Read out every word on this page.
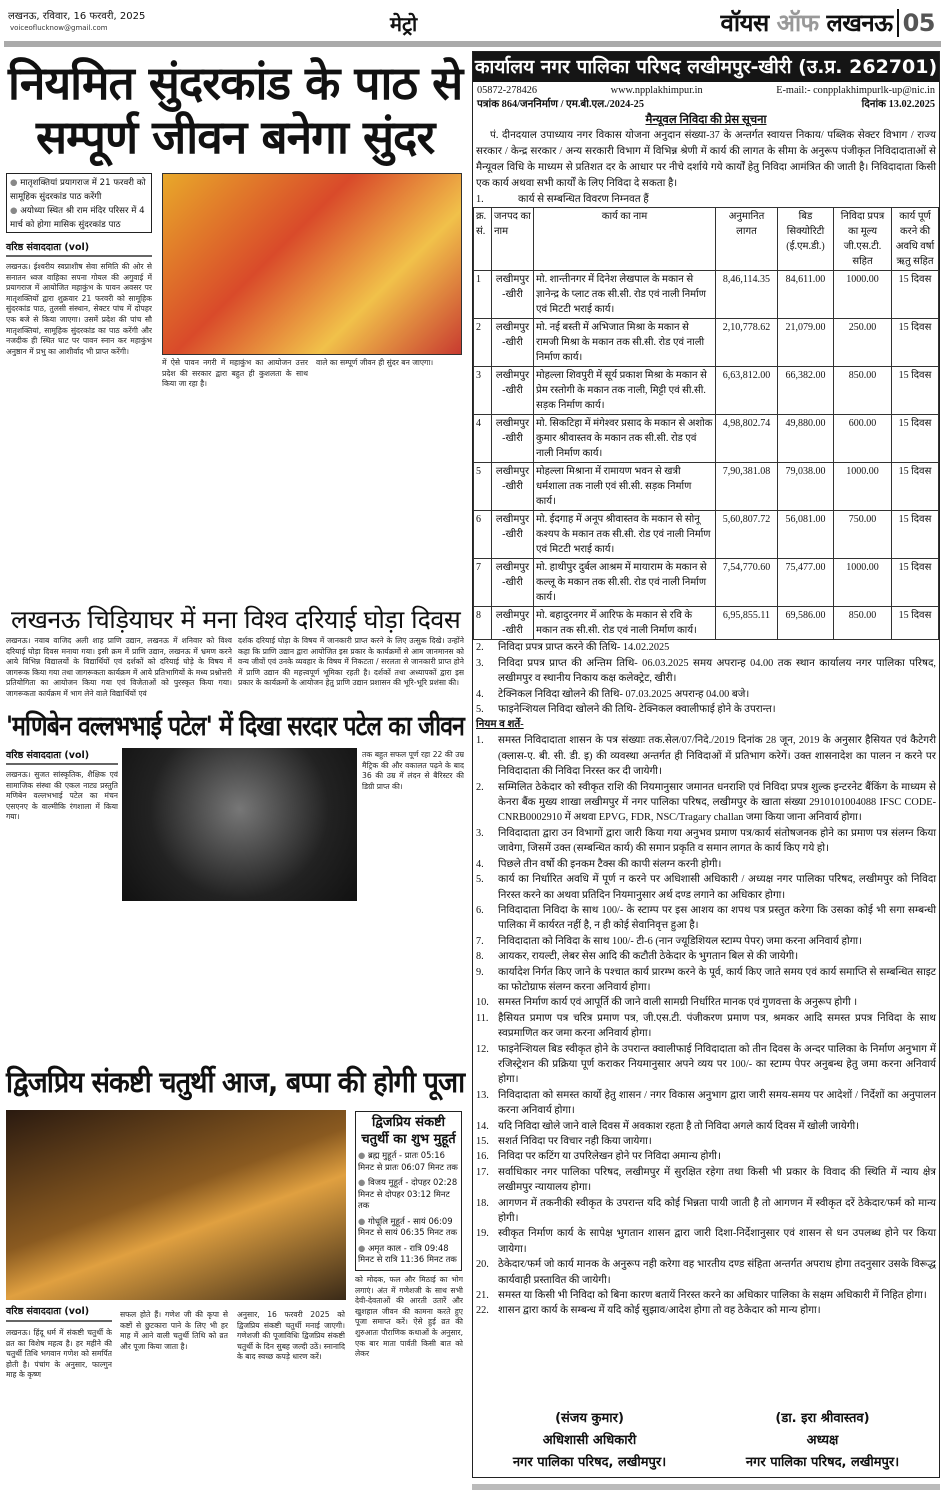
लखनऊ, रविवार, 16 फरवरी, 2025
voiceoflucknow@gmail.com	मेट्रो	वॉयस ऑफ लखनऊ 05
नियमित सुंदरकांड के पाठ से
सम्पूर्ण जीवन बनेगा सुंदर
● मातृशक्तियां प्रयागराज में 21 फरवरी को सामूहिक सुंदरकांड पाठ करेंगी
● अयोध्या स्थित श्री राम मंदिर परिसर में 4 मार्च को होगा मासिक सुंदरकांड पाठ
वरिष्ठ संवाददाता (vol)
लखनऊ। ईश्वरीय स्वप्नाशीष सेवा समिति की ओर से सनातन ध्वज वाहिका सपना गोयल की अगुवाई में प्रयागराज में आयोजित महाकुंभ के पावन अवसर पर मातृशक्तियों द्वारा शुक्रवार 21 फरवरी को सामूहिक सुंदरकांड पाठ, तुलसी संस्थान, सेक्टर पांच में दोपहर एक बजे से किया जाएगा। उसमें प्रदेश की पांच सौ मातृशक्तियां, सामूहिक सुंदरकांड का पाठ करेंगी और नजदीक ही स्थित घाट पर पावन स्नान कर महाकुंभ अनुष्ठान में प्रभु का आशीर्वाद भी प्राप्त करेंगी।
में ऐसे पावन नगरी में महाकुंभ का आयोजन उत्तर प्रदेश की सरकार द्वारा बहुत ही कुशलता के साथ किया जा रहा है।
वाले का सम्पूर्ण जीवन ही सुंदर बन जाएगा।
लखनऊ चिड़ियाघर में मना विश्व दरियाई घोड़ा दिवस
लखनऊ। नवाब वाजिद अली शाह प्राणि उद्यान, लखनऊ में शनिवार को विश्व दरियाई घोड़ा दिवस मनाया गया। इसी क्रम में प्राणि उद्यान, लखनऊ में भ्रमण करने आये विभिन्न विद्यालयों के विद्यार्थियों एवं दर्शकों को दरियाई घोड़े के विषय में जागरूक किया गया तथा जागरूकता कार्यक्रम में आये प्रतिभागियों के मध्य प्रश्नोत्तरी प्रतियोगिता का आयोजन किया गया एवं विजेताओं को पुरस्कृत किया गया। जागरूकता कार्यक्रम में भाग लेने वाले विद्यार्थियों एवं
दर्शक दरियाई घोड़ा के विषय में जानकारी प्राप्त करने के लिए उत्सुक दिखे। उन्होंने कहा कि प्राणि उद्यान द्वारा आयोजित इस प्रकार के कार्यक्रमों से आम जानमानस को वन्य जीवों एवं उनके व्यवहार के विषय में निकटता / सरलता से जानकारी प्राप्त होने में प्राणि उद्यान की महत्त्वपूर्ण भूमिका रहती है। दर्शकों तथा अध्यापकों द्वारा इस प्रकार के कार्यक्रमों के आयोजन हेतु प्राणि उद्यान प्रशासन की भूरि-भूरि प्रशंसा की।
'मणिबेन वल्लभभाई पटेल' में दिखा सरदार पटेल का जीवन
वरिष्ठ संवाददाता (vol)
लखनऊ। सुजत सांस्कृतिक, शैक्षिक एवं सामाजिक संस्था की एकल नाट्य प्रस्तुति मणिबेन वल्लभभाई पटेल का मंचन एसएनए के वाल्मीकि रंगशाला में किया गया।
तक बहुत सफल पूर्ण रहा 22 की उम्र मैट्रिक की और वकालत पढ़ने के बाद 36 की उम्र में लंदन से बैरिस्टर की डिग्री प्राप्त की।
द्विजप्रिय संकष्टी चतुर्थी आज, बप्पा की होगी पूजा
द्विजप्रिय संकष्टी चतुर्थी का शुभ मुहूर्त
● ब्रह्म मुहूर्त - प्रातः 05:16 मिनट से प्रातः 06:07 मिनट तक
● विजय मुहूर्त - दोपहर 02:28 मिनट से दोपहर 03:12 मिनट तक
● गोधूलि मुहूर्त - सायं 06:09 मिनट से सायं 06:35 मिनट तक
● अमृत काल - रात्रि 09:48 मिनट से रात्रि 11:36 मिनट तक
वरिष्ठ संवाददाता (vol)
लखनऊ। हिंदू धर्म में संकष्टी चतुर्थी के व्रत का विशेष महत्व है। हर महीने की चतुर्थी तिथि भगवान गणेश को समर्पित होती है। पंचांग के अनुसार, फाल्गुन माह के कृष्ण
सफल होते हैं। गणेश जी की कृपा से कष्टों से छुटकारा पाने के लिए भी हर माह में आने वाली चतुर्थी तिथि को व्रत और पूजा किया जाता है।
अनुसार, 16 फरवरी 2025 को द्विजप्रिय संकष्टी चतुर्थी मनाई जाएगी। गणेशजी की पूजाविधिः द्विजप्रिय संकष्टी चतुर्थी के दिन सुबह जल्दी उठें। स्नानादि के बाद स्वच्छ कपड़े धारण करें।
को मोदक, फल और मिठाई का भोग लगाएं। अंत में गणेशजी के साथ सभी देवी-देवताओं की आरती उतारें और खुशहाल जीवन की कामना करते हुए पूजा समाप्त करें। ऐसे हुई व्रत की शुरुआतः पौराणिक कथाओं के अनुसार, एक बार माता पार्वती किसी बात को लेकर
कार्यालय नगर पालिका परिषद लखीमपुर-खीरी (उ.प्र. 262701)
05872-278426	www.npplakhimpur.in	E-mail:- conpplakhimpurlk-up@nic.in
पत्रांक 864/जननिर्माण / एम.बी.एल./2024-25	दिनांक 13.02.2025
मैन्यूवल निविदा की प्रेस सूचना
पं. दीनदयाल उपाध्याय नगर विकास योजना अनुदान संख्या-37 के अन्तर्गत स्वायत्त निकाय/ पब्लिक सेक्टर विभाग / राज्य सरकार / केन्द्र सरकार / अन्य सरकारी विभाग में विभिन्न श्रेणी में कार्य की लागत के सीमा के अनुरूप पंजीकृत निविदादाताओं से मैन्यूवल विधि के माध्यम से प्रतिशत दर के आधार पर नीचे दर्शाये गये कार्यों हेतु निविदा आमंत्रित की जाती है। निविदादाता किसी एक कार्य अथवा सभी कार्यों के लिए निविदा दे सकता है।
1.	कार्य से सम्बन्धित विवरण निम्नवत हैं
क्र. सं.	जनपद का नाम	कार्य का नाम	अनुमानित लागत	बिड सिक्योरिटी (ई.एम.डी.)	निविदा प्रपत्र का मूल्य जी.एस.टी. सहित	कार्य पूर्ण करने की अवधि वर्षा ऋतु सहित
1	लखीमपुर -खीरी	मो. शान्तीनगर में दिनेश लेखपाल के मकान से ज्ञानेन्द्र के प्लाट तक सी.सी. रोड एवं नाली निर्माण एवं मिटटी भराई कार्य।	8,46,114.35	84,611.00	1000.00	15 दिवस
2	लखीमपुर -खीरी	मो. नई बस्ती में अभिजात मिश्रा के मकान से रामजी मिश्रा के मकान तक सी.सी. रोड एवं नाली निर्माण कार्य।	2,10,778.62	21,079.00	250.00	15 दिवस
3	लखीमपुर -खीरी	मोहल्ला शिवपुरी में सूर्य प्रकाश मिश्रा के मकान से प्रेम रस्तोगी के मकान तक नाली, मिट्टी एवं सी.सी. सड़क निर्माण कार्य।	6,63,812.00	66,382.00	850.00	15 दिवस
4	लखीमपुर -खीरी	मो. सिकटिहा में मंगेश्वर प्रसाद के मकान से अशोक कुमार श्रीवास्तव के मकान तक सी.सी. रोड एवं नाली निर्माण कार्य।	4,98,802.74	49,880.00	600.00	15 दिवस
5	लखीमपुर -खीरी	मोहल्ला मिश्राना में रामायण भवन से खत्री धर्मशाला तक नाली एवं सी.सी. सड़क निर्माण कार्य।	7,90,381.08	79,038.00	1000.00	15 दिवस
6	लखीमपुर -खीरी	मो. ईदगाह में अनूप श्रीवास्तव के मकान से सोनू कश्यप के मकान तक सी.सी. रोड एवं नाली निर्माण एवं मिटटी भराई कार्य।	5,60,807.72	56,081.00	750.00	15 दिवस
7	लखीमपुर -खीरी	मो. हाथीपुर दुर्बल आश्रम में मायाराम के मकान से कल्लू के मकान तक सी.सी. रोड एवं नाली निर्माण कार्य।	7,54,770.60	75,477.00	1000.00	15 दिवस
8	लखीमपुर -खीरी	मो. बहादुरनगर में आरिफ के मकान से रवि के मकान तक सी.सी. रोड एवं नाली निर्माण कार्य।	6,95,855.11	69,586.00	850.00	15 दिवस
2.	निविदा प्रपत्र प्राप्त करने की तिथि- 14.02.2025
3.	निविदा प्रपत्र प्राप्त की अन्तिम तिथि- 06.03.2025 समय अपरान्ह 04.00 तक स्थान कार्यालय नगर पालिका परिषद, लखीमपुर व स्थानीय निकाय कक्ष कलेक्ट्रेट, खीरी।
4.	टेक्निकल निविदा खोलने की तिथि- 07.03.2025 अपरान्ह 04.00 बजे।
5.	फाइनेन्शियल निविदा खोलने की तिथि- टेक्निकल क्वालीफाई होने के उपरान्त।
नियम व शर्ते-
1.	समस्त निविदादाता शासन के पत्र संख्याः तक.सेल/07/निदे./2019 दिनांक 28 जून, 2019 के अनुसार हैसियत एवं कैटेगरी (क्लास-ए. बी. सी. डी. इ) की व्यवस्था अन्तर्गत ही निविदाओं में प्रतिभाग करेगें। उक्त शासनादेश का पालन न करने पर निविदादाता की निविदा निरस्त कर दी जायेगी।
2.	सम्मिलित ठेकेदार को स्वीकृत राशि की नियमानुसार जमानत धनराशि एवं निविदा प्रपत्र शुल्क इन्टरनेट बैंकिंग के माध्यम से केनरा बैंक मुख्य शाखा लखीमपुर में नगर पालिका परिषद, लखीमपुर के खाता संख्या 2910101004088 IFSC CODE- CNRB0002910 में अथवा EPVG, FDR, NSC/Tragary challan जमा किया जाना अनिवार्य होगा।
3.	निविदादाता द्वारा उन विभागों द्वारा जारी किया गया अनुभव प्रमाण पत्र/कार्य संतोषजनक होने का प्रमाण पत्र संलग्न किया जावेगा, जिसमें उक्त (सम्बन्धित कार्य) की समान प्रकृति व समान लागत के कार्य किए गये हो।
4.	पिछले तीन वर्षो की इनकम टैक्स की कापी संलग्न करनी होगी।
5.	कार्य का निर्धारित अवधि में पूर्ण न करने पर अधिशासी अधिकारी / अध्यक्ष नगर पालिका परिषद, लखीमपुर को निविदा निरस्त करने का अथवा प्रतिदिन नियमानुसार अर्थ दण्ड लगाने का अधिकार होगा।
6.	निविदादाता निविदा के साथ 100/- के स्टाम्प पर इस आशय का शपथ पत्र प्रस्तुत करेगा कि उसका कोई भी सगा सम्बन्धी पालिका में कार्यरत नहीं है, न ही कोई सेवानिवृत्त हुआ है।
7.	निविदादाता को निविदा के साथ 100/- टी-6 (नान ज्यूडिशियल स्टाम्प पेपर) जमा करना अनिवार्य होगा।
8.	आयकर, रायल्टी, लेबर सेस आदि की कटौती ठेकेदार के भुगतान बिल से की जायेगी।
9.	कार्यादेश निर्गत किए जाने के पश्चात कार्य प्रारम्भ करने के पूर्व, कार्य किए जाते समय एवं कार्य समाप्ति से सम्बन्धित साइट का फोटोग्राफ संलग्न करना अनिवार्य होगा।
10. समस्त निर्माण कार्य एवं आपूर्ति की जाने वाली सामग्री निर्धारित मानक एवं गुणवत्ता के अनुरूप होगी ।
11. हैसियत प्रमाण पत्र चरित्र प्रमाण पत्र, जी.एस.टी. पंजीकरण प्रमाण पत्र, श्रमकर आदि समस्त प्रपत्र निविदा के साथ स्वप्रमाणित कर जमा करना अनिवार्य होगा।
12. फाइनेन्शियल बिड स्वीकृत होने के उपरान्त क्वालीफाई निविदादाता को तीन दिवस के अन्दर पालिका के निर्माण अनुभाग में रजिस्ट्रेशन की प्रक्रिया पूर्ण कराकर नियमानुसार अपने व्यय पर 100/- का स्टाम्प पेपर अनुबन्ध हेतु जमा करना अनिवार्य होगा।
13. निविदादाता को समस्त कार्यो हेतु शासन / नगर विकास अनुभाग द्वारा जारी समय-समय पर आदेशों / निर्देशों का अनुपालन करना अनिवार्य होगा।
14. यदि निविदा खोले जाने वाले दिवस में अवकाश रहता है तो निविदा अगले कार्य दिवस में खोली जायेगी।
15. सशर्त निविदा पर विचार नही किया जायेगा।
16. निविदा पर कटिंग या उपरिलेखन होने पर निविदा अमान्य होगी।
17. सर्वाधिकार नगर पालिका परिषद, लखीमपुर में सुरक्षित रहेगा तथा किसी भी प्रकार के विवाद की स्थिति में न्याय क्षेत्र लखीमपुर न्यायालय होगा।
18. आगणन में तकनीकी स्वीकृत के उपरान्त यदि कोई भिन्नता पायी जाती है तो आगणन में स्वीकृत दरें ठेकेदार/फर्म को मान्य होगी।
19. स्वीकृत निर्माण कार्य के सापेक्ष भुगतान शासन द्वारा जारी दिशा-निर्देशानुसार एवं शासन से धन उपलब्ध होने पर किया जायेगा।
20. ठेकेदार/फर्म जो कार्य मानक के अनुरूप नही करेगा वह भारतीय दण्ड संहिता अन्तर्गत अपराध होगा तदनुसार उसके विरूद्ध कार्यवाही प्रस्तावित की जायेगी।
21. समस्त या किसी भी निविदा को बिना कारण बतायें निरस्त करने का अधिकार पालिका के सक्षम अधिकारी में निहित होगा।
22. शासन द्वारा कार्य के सम्बन्ध में यदि कोई सुझाव/आदेश होगा तो वह ठेकेदार को मान्य होगा।
(संजय कुमार)
अधिशासी अधिकारी
नगर पालिका परिषद, लखीमपुर।
(डा. इरा श्रीवास्तव)
अध्यक्ष
नगर पालिका परिषद, लखीमपुर।
